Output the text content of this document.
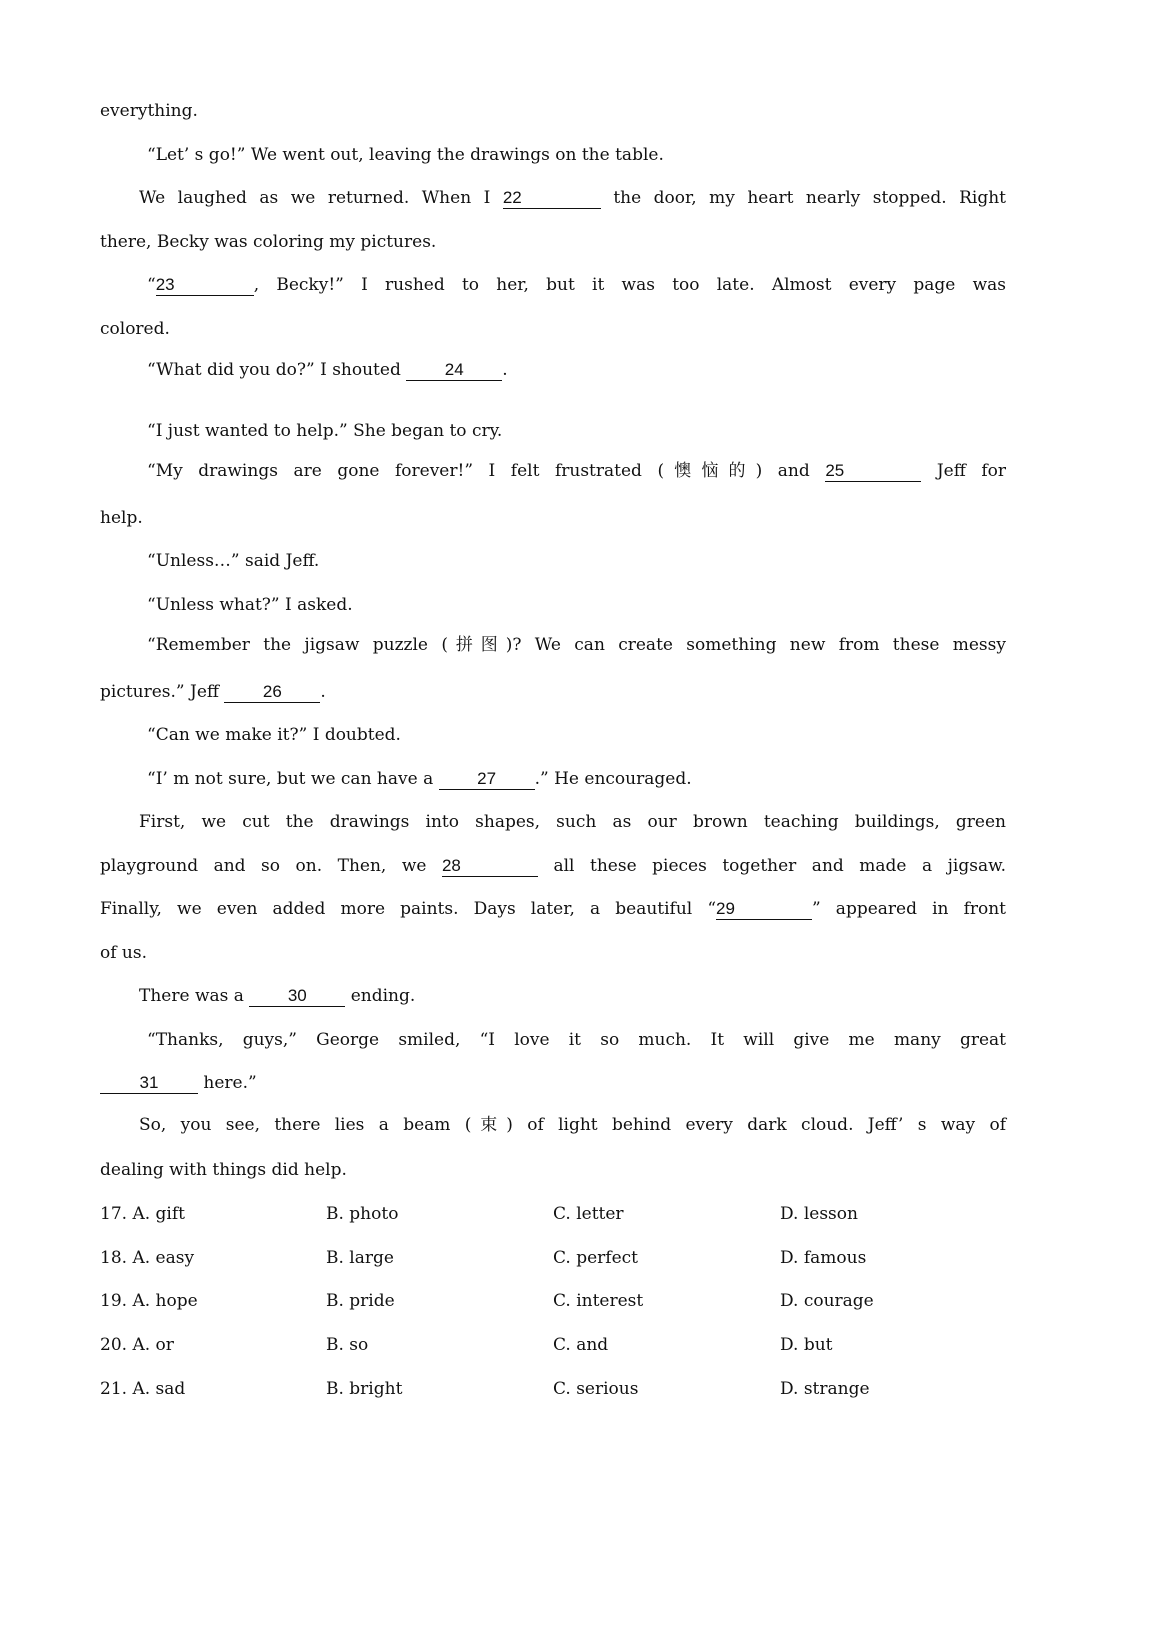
everything.
“Let’ s go!” We went out, leaving the drawings on the table.
We laughed as we returned. When I 22	the door, my heart nearly stopped. Right
there, Becky was coloring my pictures.
“23	, Becky!” I rushed to her, but it was too late. Almost every page was
colored.
“What did you do?” I shouted	24 .
“I just wanted to help.” She began to cry.
“My drawings are gone forever!” I felt frustrated (懊恼的) and 25	Jeff for
help.
“Unless…” said Jeff.
“Unless what?” I asked.
“Remember the jigsaw puzzle (拼图)? We can create something new from these messy
pictures.” Jeff	26 .
“Can we make it?” I doubted.
“I’ m not sure, but we can have a	27 .” He encouraged.
First, we cut the drawings into shapes, such as our brown teaching buildings, green
playground and so on. Then, we 28	all these pieces together and made a jigsaw.
Finally, we even added more paints. Days later, a beautiful “29	” appeared in front
of us.
There was a	30	ending.
“Thanks, guys,” George smiled, “I love it so much. It will give me many great
31	here.”
So, you see, there lies a beam (束) of light behind every dark cloud. Jeff’ s way of
dealing with things did help.
17. A. gift	B. photo	C. letter	D. lesson
18. A. easy	B. large	C. perfect	D. famous
19. A. hope	B. pride	C. interest	D. courage
20. A. or	B. so	C. and	D. but
21. A. sad	B. bright	C. serious	D. strange
